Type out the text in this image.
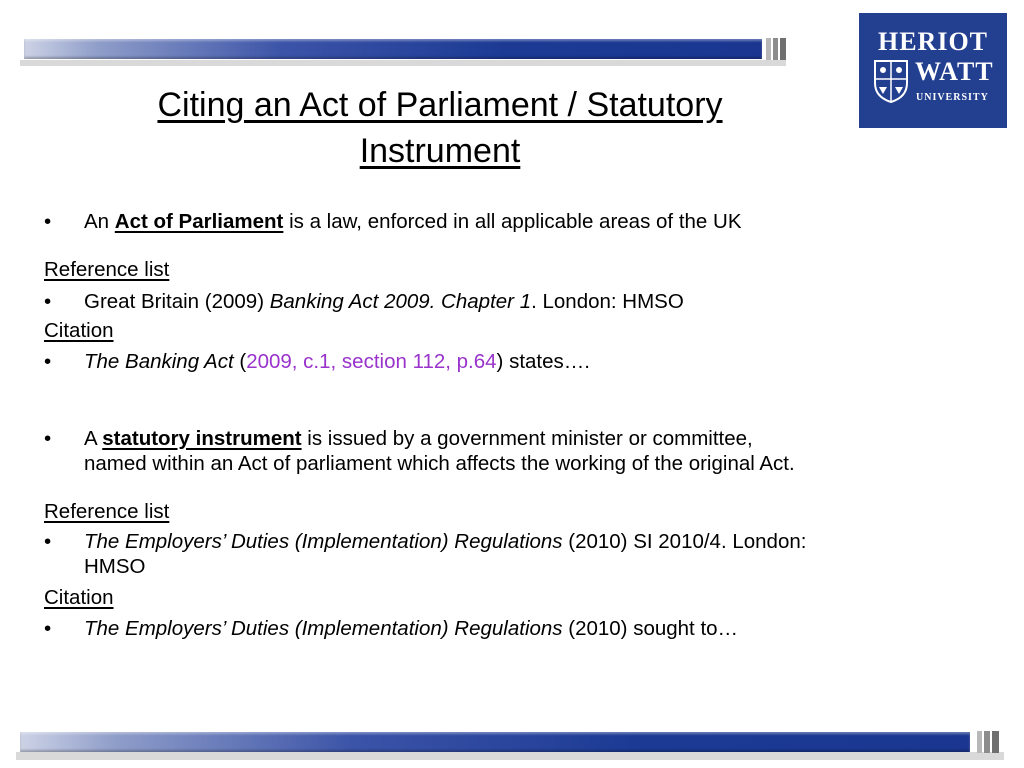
HERIOT
WATT
UNIVERSITY
Citing an Act of Parliament / Statutory
Instrument
• An Act of Parliament is a law, enforced in all applicable areas of the UK
Reference list
• Great Britain (2009) Banking Act 2009. Chapter 1. London: HMSO
Citation
• The Banking Act (2009, c.1, section 112, p.64) states….
• A statutory instrument is issued by a government minister or committee,
named within an Act of parliament which affects the working of the original Act.
Reference list
• The Employers’ Duties (Implementation) Regulations (2010) SI 2010/4. London:
HMSO
Citation
• The Employers’ Duties (Implementation) Regulations (2010) sought to…
